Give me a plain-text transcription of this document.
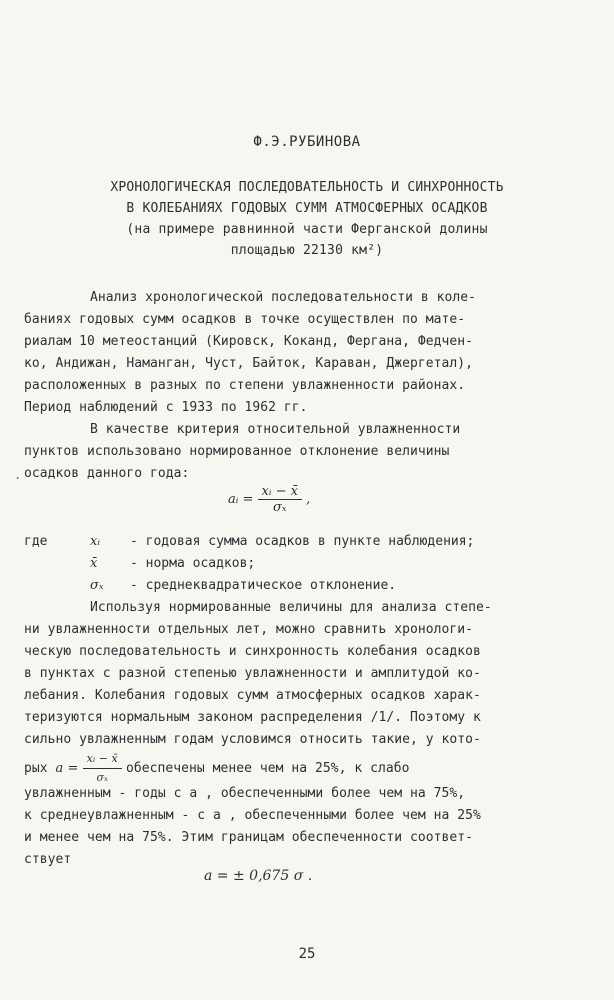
Ф.Э.РУБИНОВА
ХРОНОЛОГИЧЕСКАЯ ПОСЛЕДОВАТЕЛЬНОСТЬ И СИНХРОННОСТЬ
В КОЛЕБАНИЯХ ГОДОВЫХ СУММ АТМОСФЕРНЫХ ОСАДКОВ
(на примере равнинной части Ферганской долины
площадью 22130 км²)
Анализ хронологической последовательности в коле-
баниях годовых сумм осадков в точке осуществлен по мате-
риалам 10 метеостанций (Кировск, Коканд, Фергана, Федчен-
ко, Андижан, Наманган, Чуст, Байток, Караван, Джергетал),
расположенных в разных по степени увлажненности районах.
Период наблюдений с 1933 по 1962 гг.
В качестве критерия относительной увлажненности
пунктов использовано нормированное отклонение величины
осадков данного года:
aᵢ = $\frac{\text{xᵢ − x̄}}{\text{σₓ}}$ ,
где	xᵢ - годовая сумма осадков в пункте наблюдения;
x̄	- норма осадков;
σₓ - среднеквадратическое отклонение.
Используя нормированные величины для анализа степе-
ни увлажненности отдельных лет, можно сравнить хронологи-
ческую последовательность и синхронность колебания осадков
в пунктах с разной степенью увлажненности и амплитудой ко-
лебания. Колебания годовых сумм атмосферных осадков харак-
теризуются нормальным законом распределения /1/. Поэтому к
сильно увлажненным годам условимся относить такие, у кото-
рых $a = \frac{\text{xᵢ − x̄}}{\text{σₓ}}$ обеспечены менее чем на 25%, к слабо
увлажненным - годы с a , обеспеченными более чем на 75%,
к среднеувлажненным - с a , обеспеченными более чем на 25%
и менее чем на 75%. Этим границам обеспеченности соответ-
ствует
a = ± 0,675 σ .
25
.
